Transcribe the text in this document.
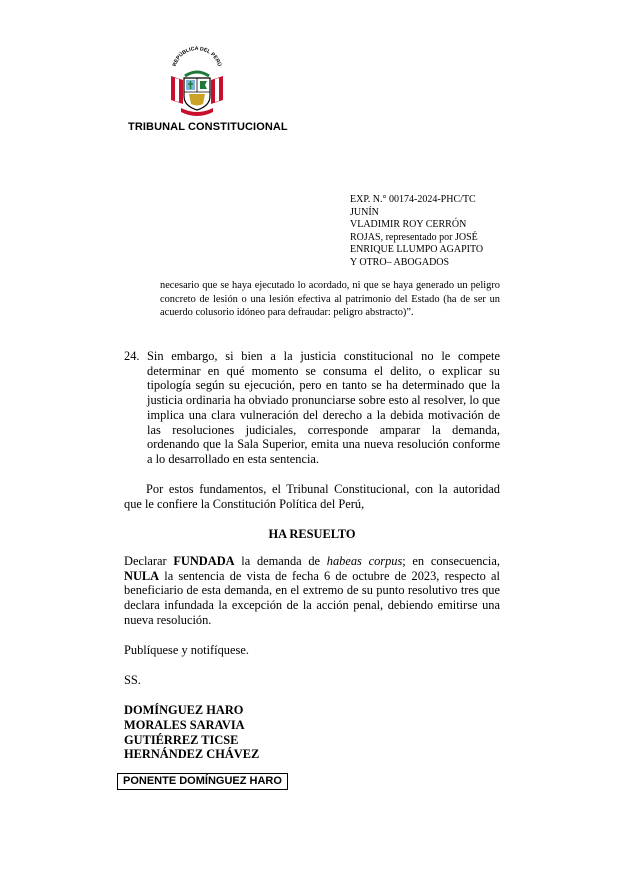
REPÚBLICA DEL PERÚ
TRIBUNAL CONSTITUCIONAL
EXP. N.° 00174-2024-PHC/TC
JUNÍN
VLADIMIR ROY CERRÓN
ROJAS, representado por JOSÉ
ENRIQUE LLUMPO AGAPITO
Y OTRO– ABOGADOS
necesario que se haya ejecutado lo acordado, ni que se haya generado un peligro concreto de lesión o una lesión efectiva al patrimonio del Estado (ha de ser un acuerdo colusorio idóneo para defraudar: peligro abstracto)”.
24. Sin embargo, si bien a la justicia constitucional no le compete determinar en qué momento se consuma el delito, o explicar su tipología según su ejecución, pero en tanto se ha determinado que la justicia ordinaria ha obviado pronunciarse sobre esto al resolver, lo que implica una clara vulneración del derecho a la debida motivación de las resoluciones judiciales, corresponde amparar la demanda, ordenando que la Sala Superior, emita una nueva resolución conforme a lo desarrollado en esta sentencia.
Por estos fundamentos, el Tribunal Constitucional, con la autoridad que le confiere la Constitución Política del Perú,
HA RESUELTO
Declarar FUNDADA la demanda de habeas corpus; en consecuencia, NULA la sentencia de vista de fecha 6 de octubre de 2023, respecto al beneficiario de esta demanda, en el extremo de su punto resolutivo tres que declara infundada la excepción de la acción penal, debiendo emitirse una nueva resolución.
Publíquese y notifíquese.
SS.
DOMÍNGUEZ HARO
MORALES SARAVIA
GUTIÉRREZ TICSE
HERNÁNDEZ CHÁVEZ
PONENTE DOMÍNGUEZ HARO
